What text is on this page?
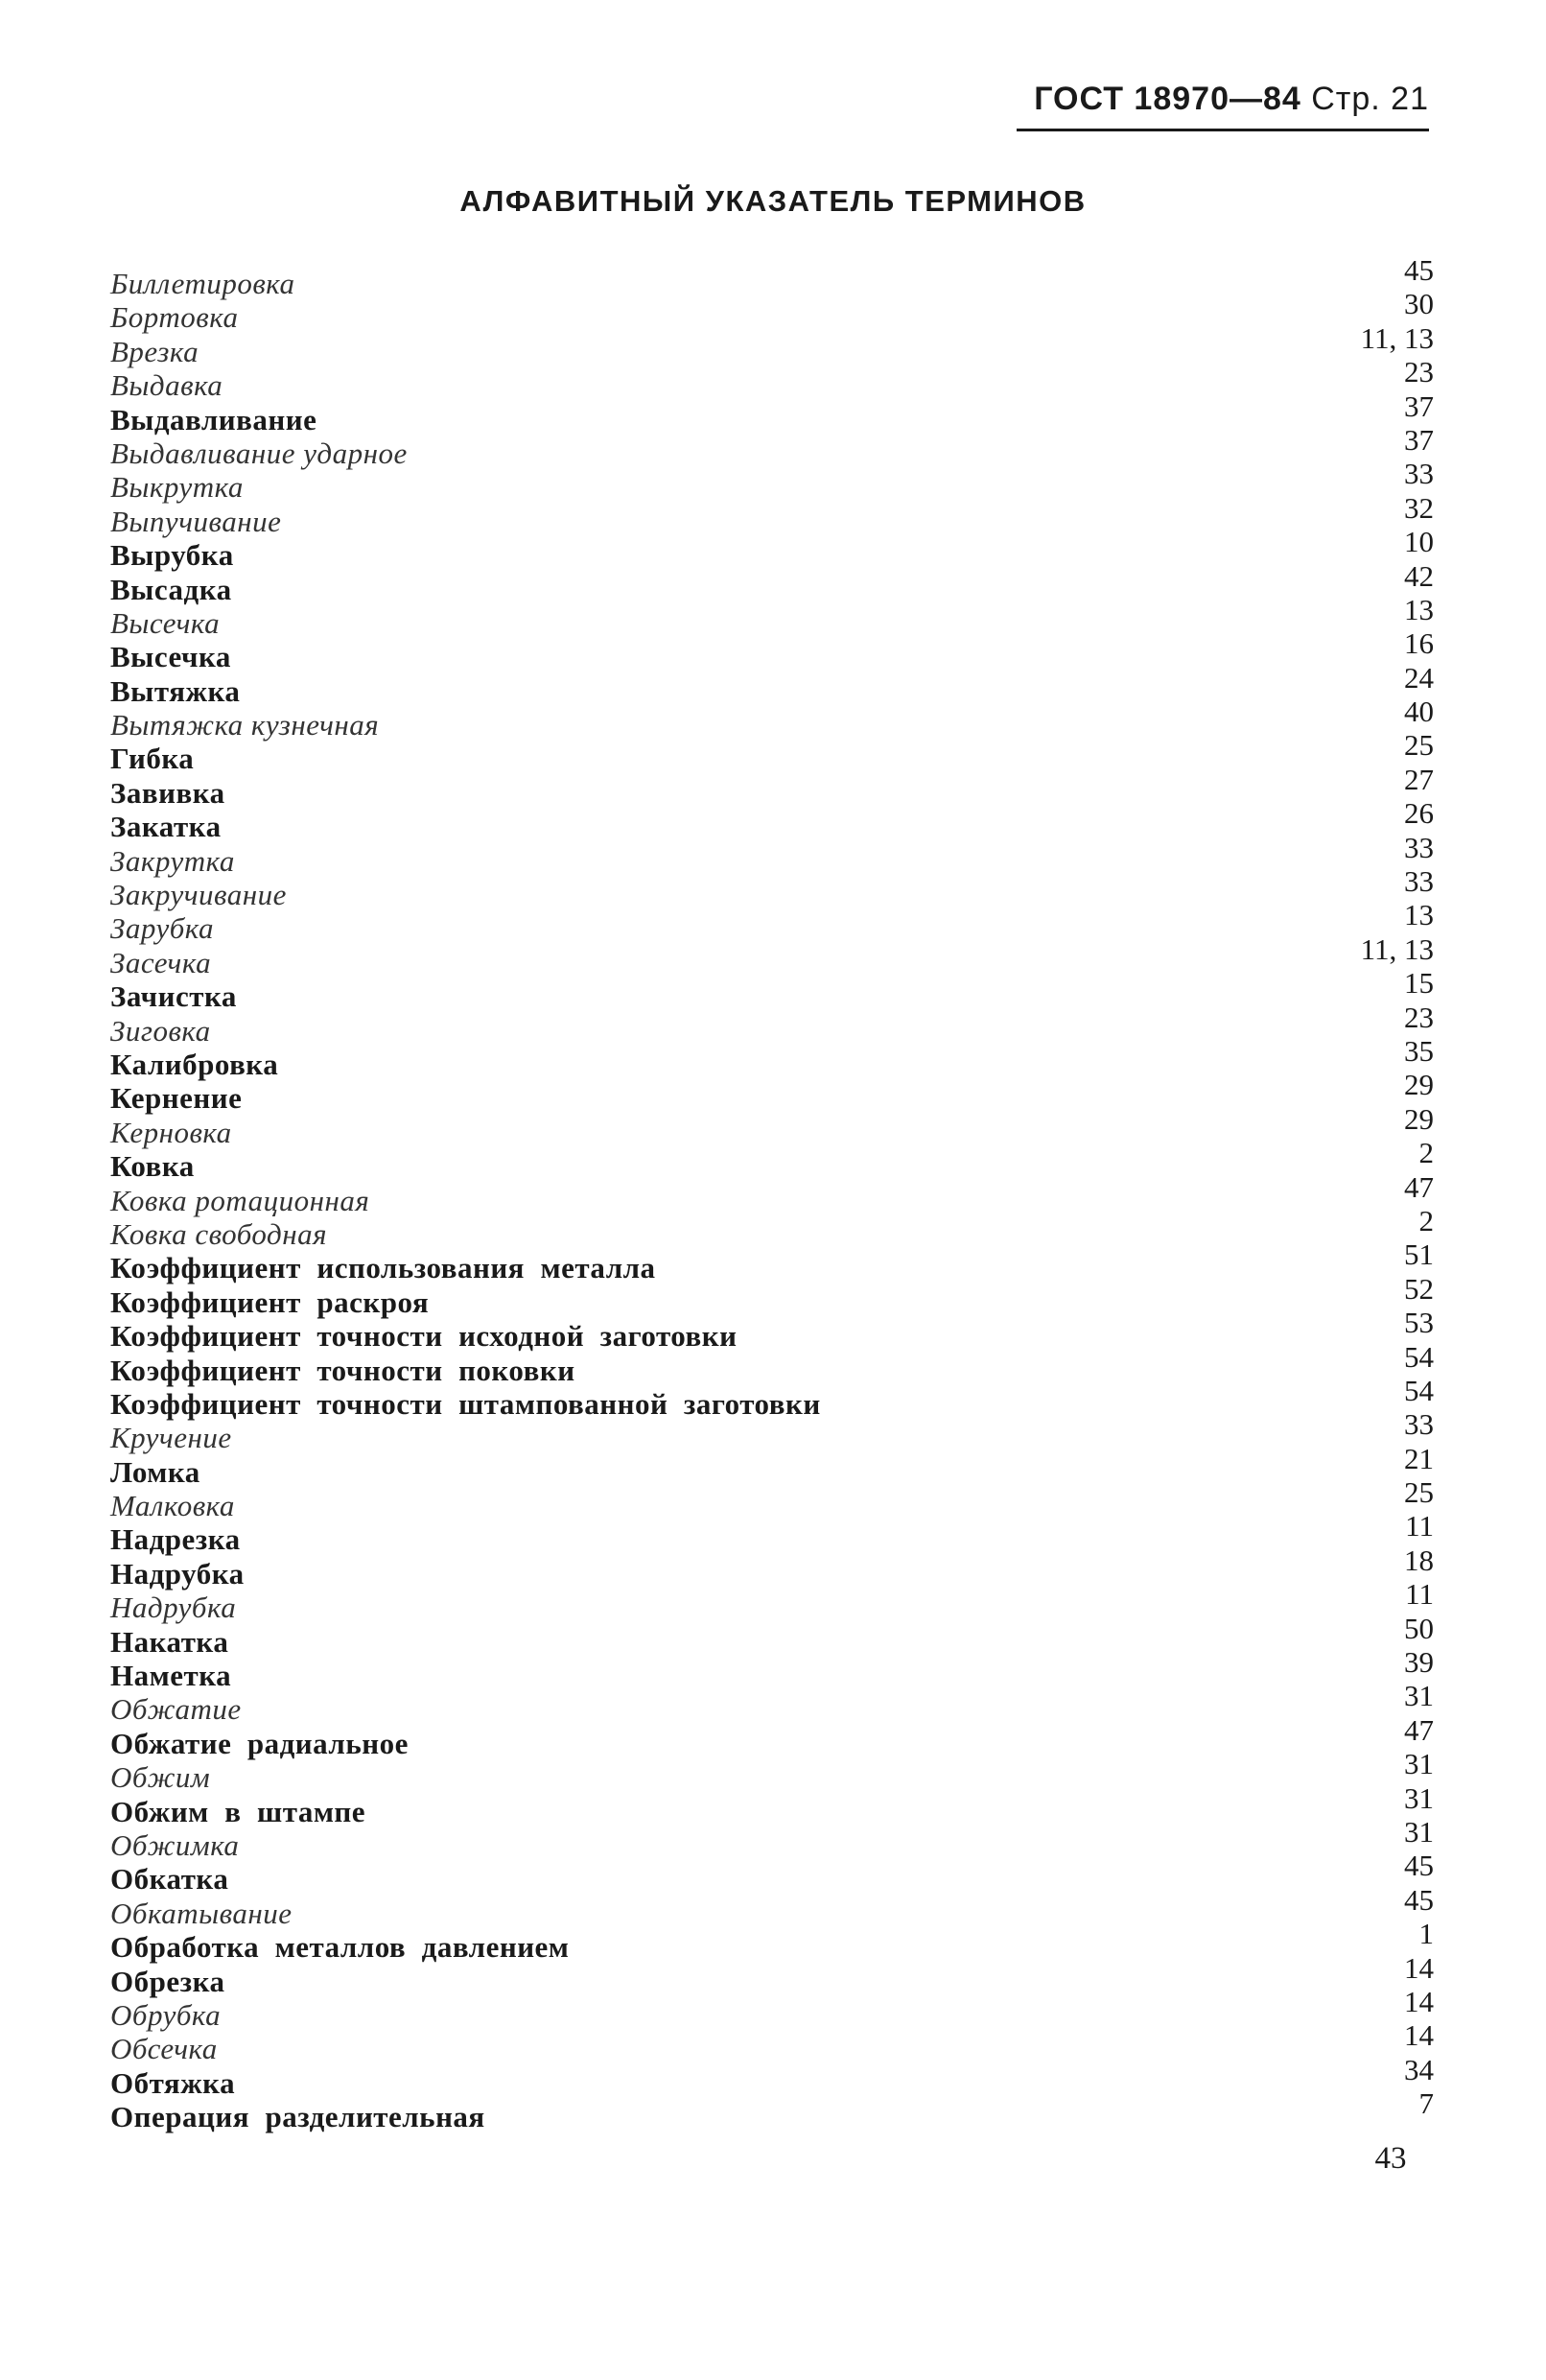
ГОСТ 18970—84 Стр. 21
АЛФАВИТНЫЙ УКАЗАТЕЛЬ ТЕРМИНОВ
Биллетировка	45
Бортовка	30
Врезка	11, 13
Выдавка	23
Выдавливание	37
Выдавливание ударное	37
Выкрутка	33
Выпучивание	32
Вырубка	10
Высадка	42
Высечка	13
Высечка	16
Вытяжка	24
Вытяжка кузнечная	40
Гибка	25
Завивка	27
Закатка	26
Закрутка	33
Закручивание	33
Зарубка	13
Засечка	11, 13
Зачистка	15
Зиговка	23
Калибровка	35
Кернение	29
Керновка	29
Ковка	2
Ковка ротационная	47
Ковка свободная	2
Коэффициент  использования  металла	51
Коэффициент  раскроя	52
Коэффициент  точности  исходной  заготовки	53
Коэффициент  точности  поковки	54
Коэффициент  точности  штампованной  заготовки	54
Кручение	33
Ломка	21
Малковка	25
Надрезка	11
Надрубка	18
Надрубка	11
Накатка	50
Наметка	39
Обжатие	31
Обжатие  радиальное	47
Обжим	31
Обжим  в  штампе	31
Обжимка	31
Обкатка	45
Обкатывание	45
Обработка  металлов  давлением	1
Обрезка	14
Обрубка	14
Обсечка	14
Обтяжка	34
Операция  разделительная	7
43
